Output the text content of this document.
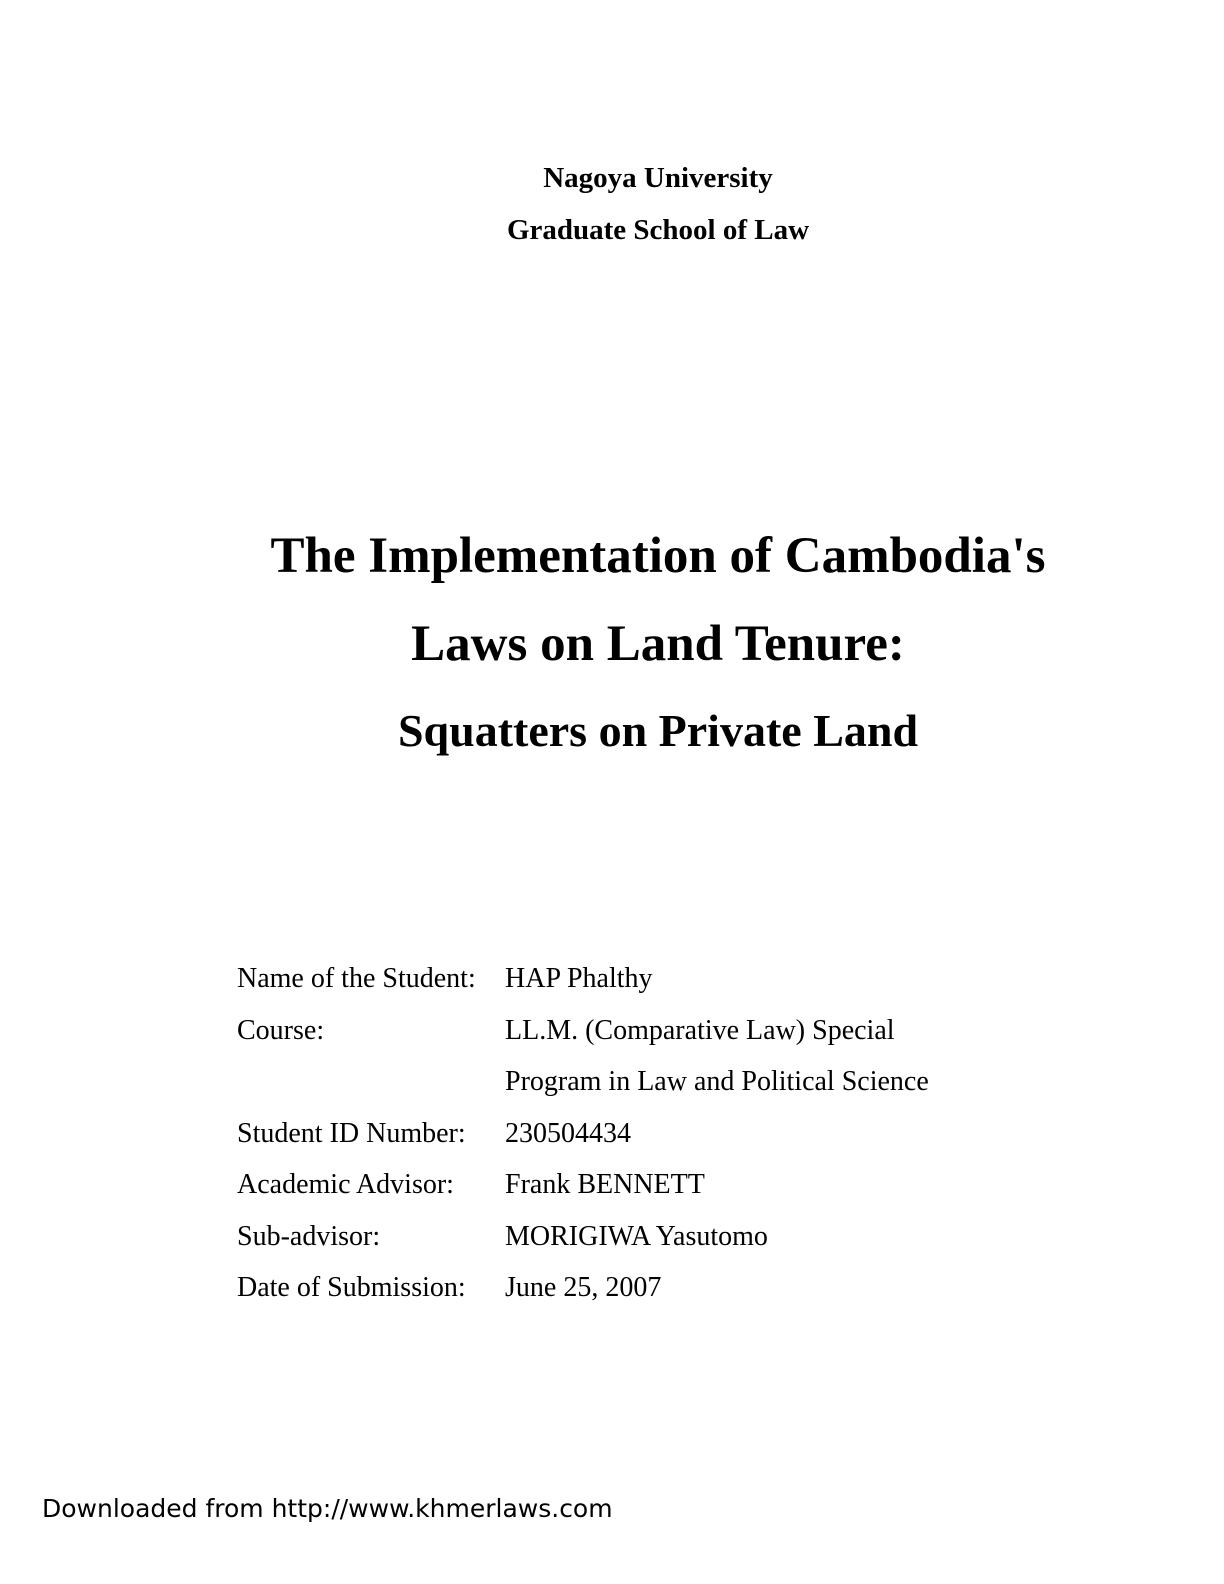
Nagoya University
Graduate School of Law
The Implementation of Cambodia's
Laws on Land Tenure:
Squatters on Private Land
Name of the Student:	HAP Phalthy
Course:	LL.M. (Comparative Law) Special
Program in Law and Political Science
Student ID Number:	230504434
Academic Advisor:	Frank BENNETT
Sub-advisor:	MORIGIWA Yasutomo
Date of Submission:	June 25, 2007
Downloaded from http://www.khmerlaws.com
